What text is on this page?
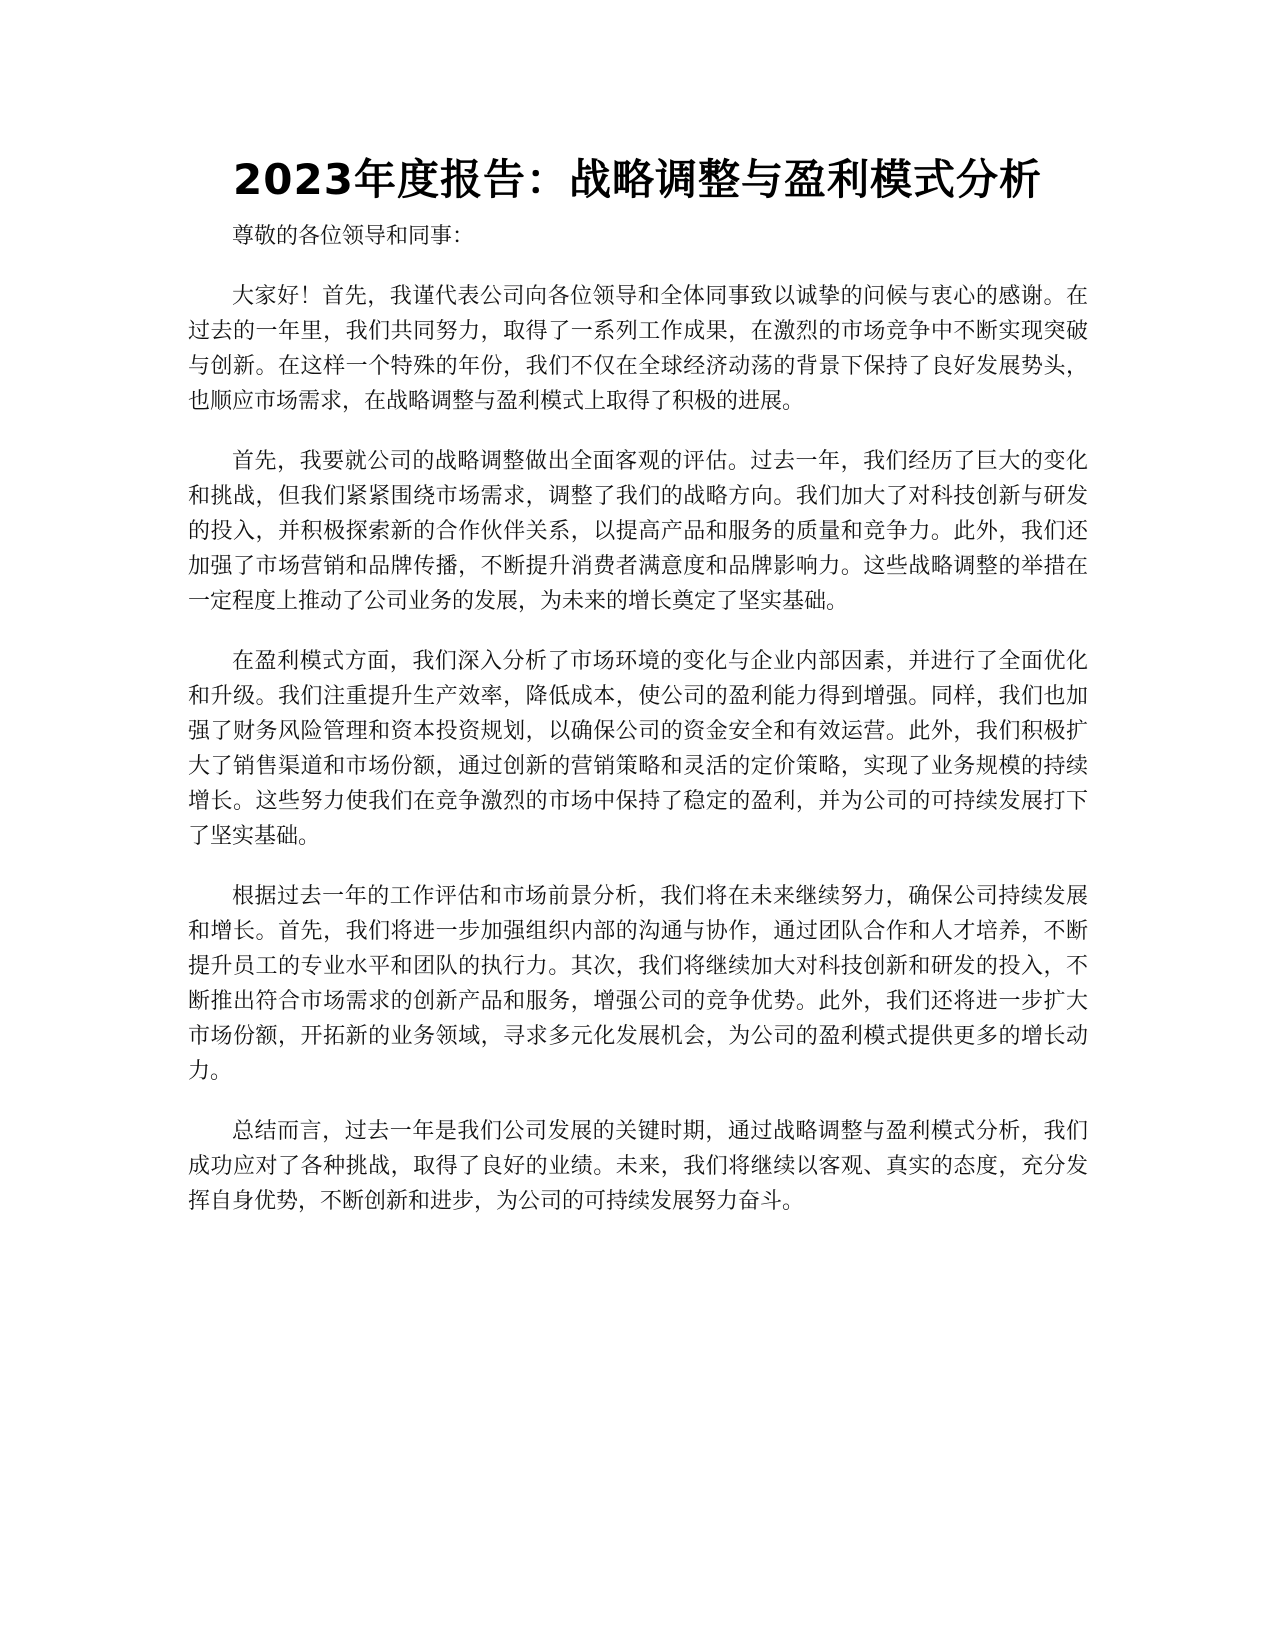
2023年度报告：战略调整与盈利模式分析

尊敬的各位领导和同事：

大家好！首先，我谨代表公司向各位领导和全体同事致以诚挚的问候与衷心的感谢。在过去的一年里，我们共同努力，取得了一系列工作成果，在激烈的市场竞争中不断实现突破与创新。在这样一个特殊的年份，我们不仅在全球经济动荡的背景下保持了良好发展势头，也顺应市场需求，在战略调整与盈利模式上取得了积极的进展。

首先，我要就公司的战略调整做出全面客观的评估。过去一年，我们经历了巨大的变化和挑战，但我们紧紧围绕市场需求，调整了我们的战略方向。我们加大了对科技创新与研发的投入，并积极探索新的合作伙伴关系，以提高产品和服务的质量和竞争力。此外，我们还加强了市场营销和品牌传播，不断提升消费者满意度和品牌影响力。这些战略调整的举措在一定程度上推动了公司业务的发展，为未来的增长奠定了坚实基础。

在盈利模式方面，我们深入分析了市场环境的变化与企业内部因素，并进行了全面优化和升级。我们注重提升生产效率，降低成本，使公司的盈利能力得到增强。同样，我们也加强了财务风险管理和资本投资规划，以确保公司的资金安全和有效运营。此外，我们积极扩大了销售渠道和市场份额，通过创新的营销策略和灵活的定价策略，实现了业务规模的持续增长。这些努力使我们在竞争激烈的市场中保持了稳定的盈利，并为公司的可持续发展打下了坚实基础。

根据过去一年的工作评估和市场前景分析，我们将在未来继续努力，确保公司持续发展和增长。首先，我们将进一步加强组织内部的沟通与协作，通过团队合作和人才培养，不断提升员工的专业水平和团队的执行力。其次，我们将继续加大对科技创新和研发的投入，不断推出符合市场需求的创新产品和服务，增强公司的竞争优势。此外，我们还将进一步扩大市场份额，开拓新的业务领域，寻求多元化发展机会，为公司的盈利模式提供更多的增长动力。

总结而言，过去一年是我们公司发展的关键时期，通过战略调整与盈利模式分析，我们成功应对了各种挑战，取得了良好的业绩。未来，我们将继续以客观、真实的态度，充分发挥自身优势，不断创新和进步，为公司的可持续发展努力奋斗。
